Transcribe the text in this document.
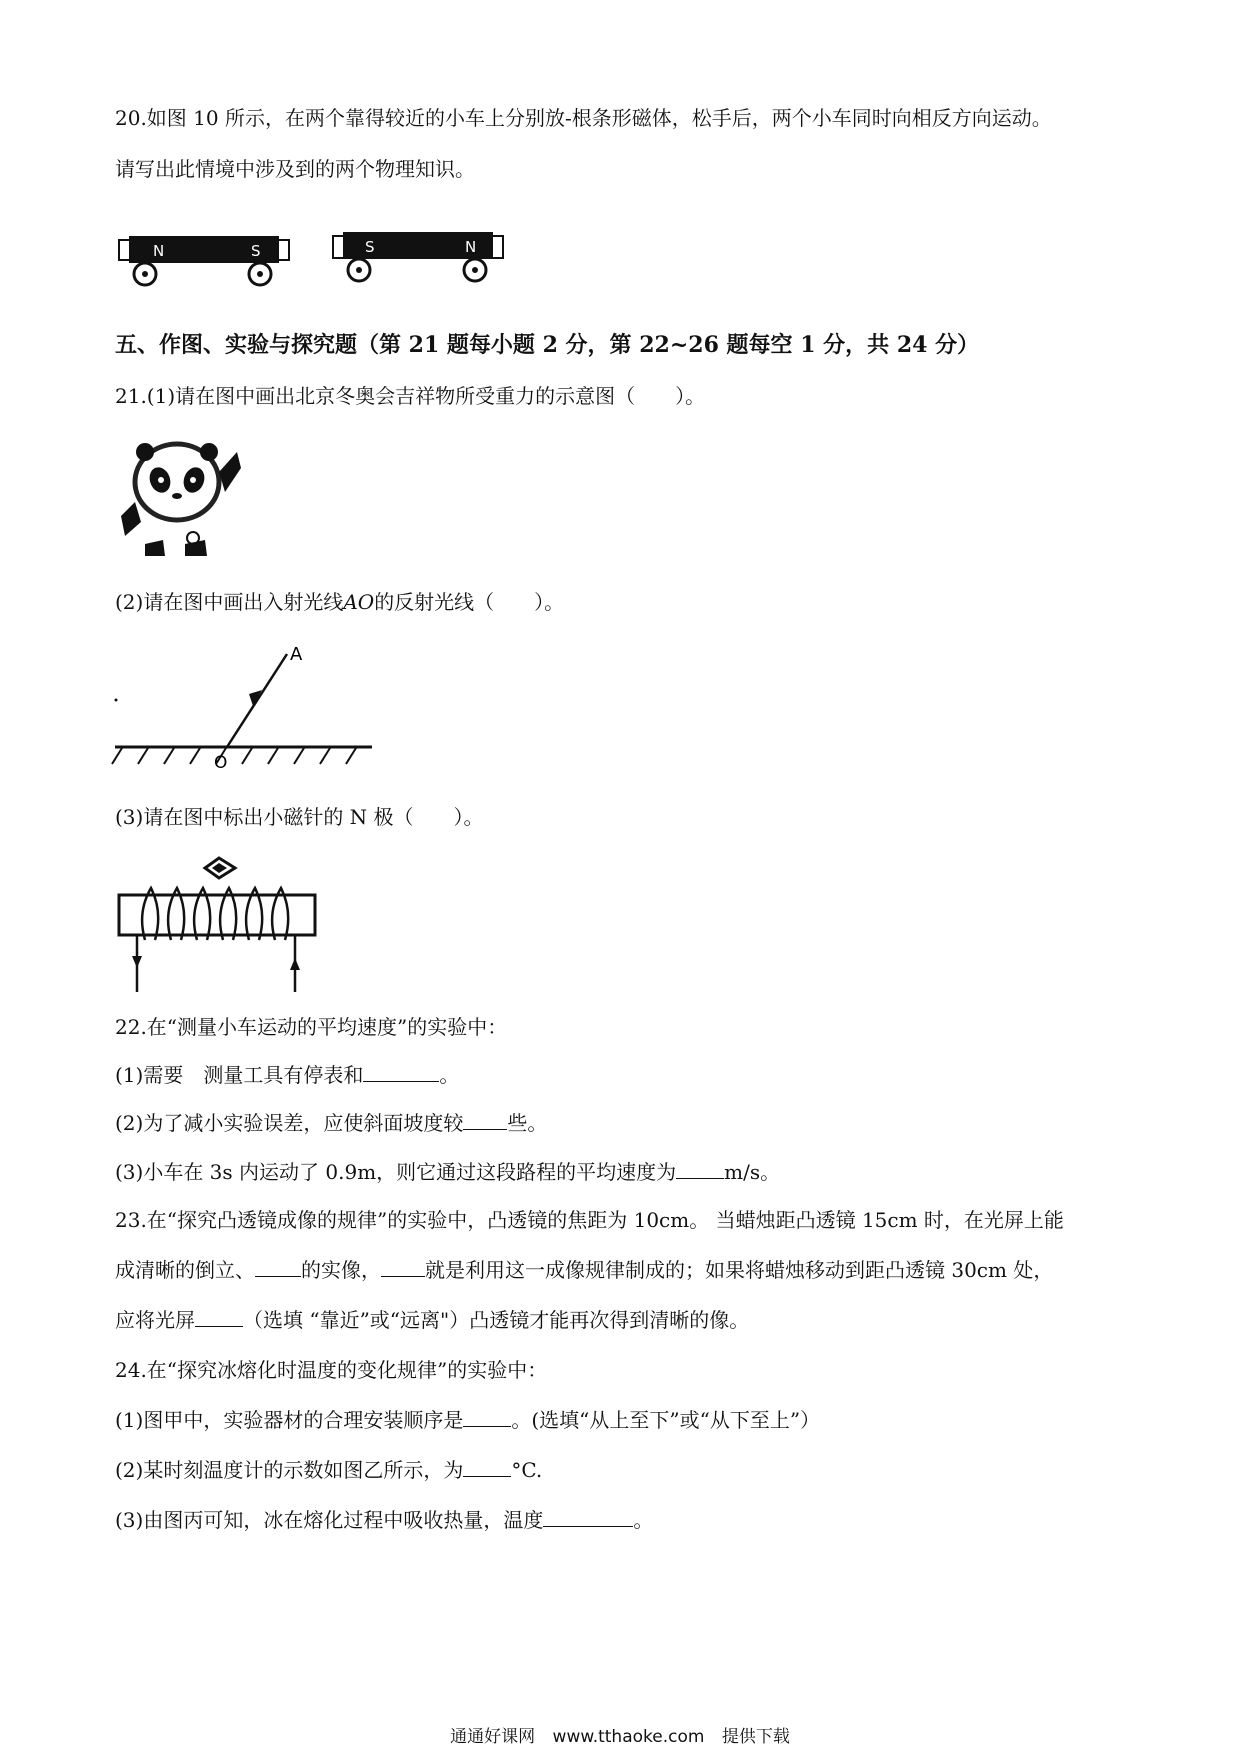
20.如图 10 所示，在两个靠得较近的小车上分别放-根条形磁体，松手后，两个小车同时向相反方向运动。
请写出此情境中涉及到的两个物理知识。
N	S	S	N
五、作图、实验与探究题（第 21 题每小题 2 分，第 22~26 题每空 1 分，共 24 分）
21.(1)请在图中画出北京冬奥会吉祥物所受重力的示意图（　　）。
(2)请在图中画出入射光线AO的反射光线（　　）。
A
O
(3)请在图中标出小磁针的 N 极（　　）。
22.在“测量小车运动的平均速度”的实验中：
(1)需要　测量工具有停表和	。
(2)为了减小实验误差，应使斜面坡度较 些。
(3)小车在 3s 内运动了 0.9m，则它通过这段路程的平均速度为 m/s。
23.在“探究凸透镜成像的规律”的实验中，凸透镜的焦距为 10cm。 当蜡烛距凸透镜 15cm 时，在光屏上能
成清晰的倒立、 的实像， 就是利用这一成像规律制成的；如果将蜡烛移动到距凸透镜 30cm 处，
应将光屏 （选填 “靠近”或“远离"）凸透镜才能再次得到清晰的像。
24.在“探究冰熔化时温度的变化规律”的实验中：
(1)图甲中，实验器材的合理安装顺序是 。(选填“从上至下”或“从下至上”）
(2)某时刻温度计的示数如图乙所示，为 °C.
(3)由图丙可知，冰在熔化过程中吸收热量，温度	。
通通好课网 www.tthaoke.com 提供下载
